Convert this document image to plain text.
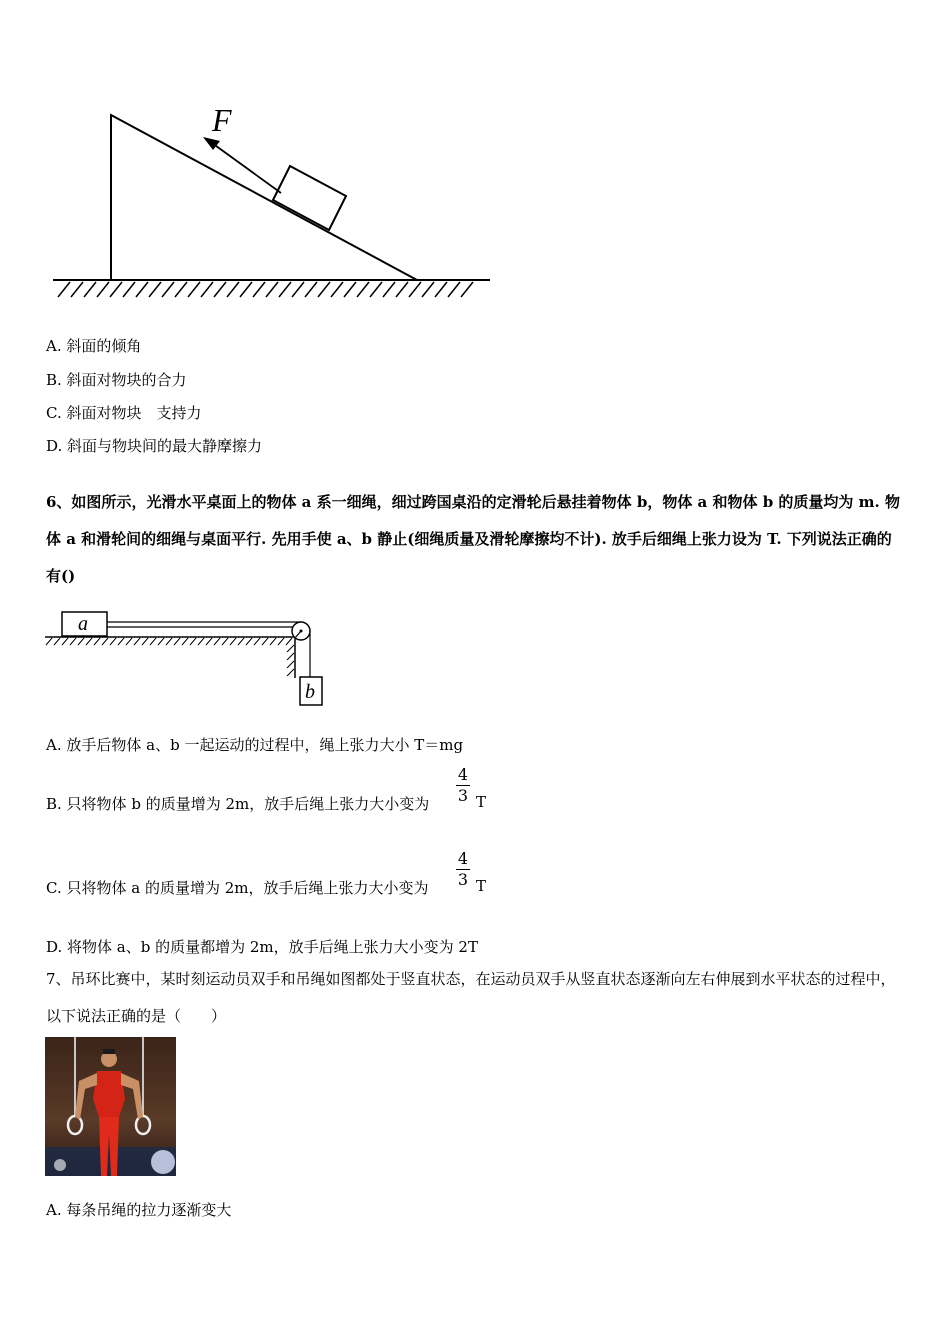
F
A. 斜面的倾角
B. 斜面对物块的合力
C. 斜面对物块　支持力
D. 斜面与物块间的最大静摩擦力
6、如图所示，光滑水平桌面上的物体 a 系一细绳，细过跨国桌沿的定滑轮后悬挂着物体 b，物体 a 和物体 b 的质量均为 m. 物体 a 和滑轮间的细绳与桌面平行. 先用手使 a、b 静止(细绳质量及滑轮摩擦均不计). 放手后细绳上张力设为 T. 下列说法正确的有()
a
b
A. 放手后物体 a、b 一起运动的过程中，绳上张力大小 T＝mg
B. 只将物体 b 的质量增为 2m，放手后绳上张力大小变为
4
3 T
C. 只将物体 a 的质量增为 2m，放手后绳上张力大小变为
4
3 T
D. 将物体 a、b 的质量都增为 2m，放手后绳上张力大小变为 2T
7、吊环比赛中，某时刻运动员双手和吊绳如图都处于竖直状态，在运动员双手从竖直状态逐渐向左右伸展到水平状态的过程中，以下说法正确的是（　　）
A. 每条吊绳的拉力逐渐变大
